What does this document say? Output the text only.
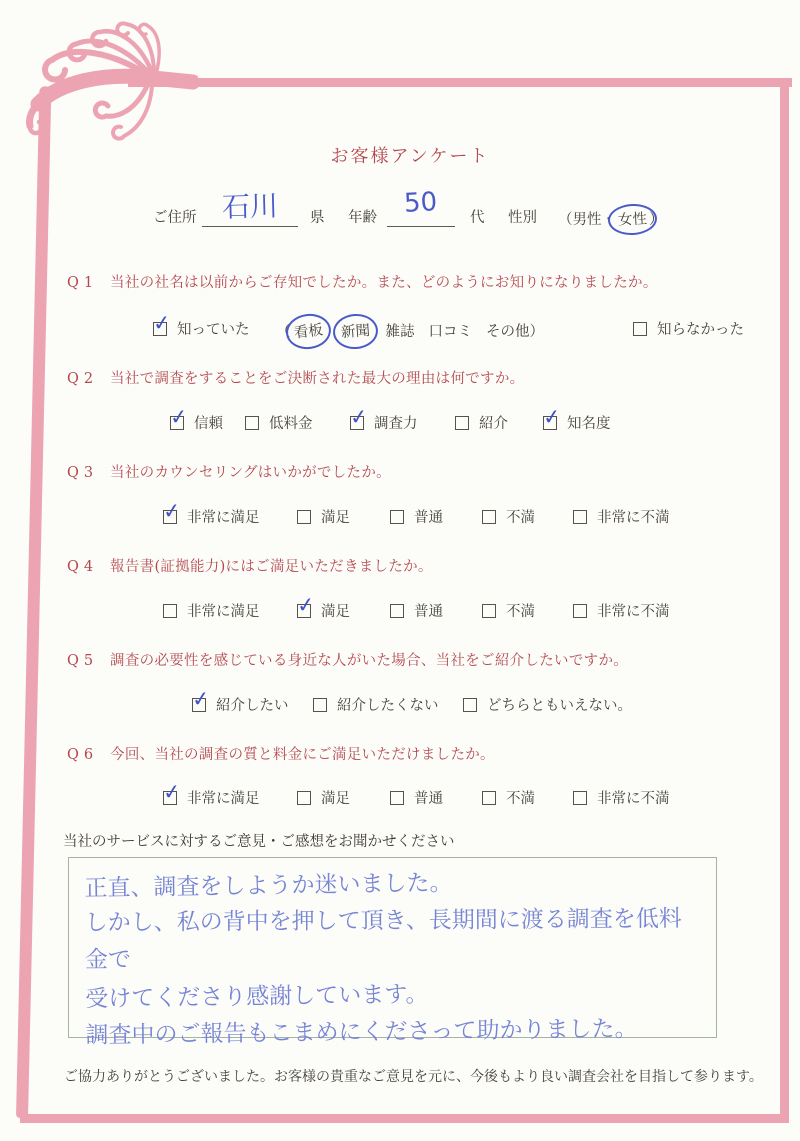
お客様アンケート
ご住所 石川 県 年齢 50 代 性別 （男性 ・ 女性 ）
Q1 当社の社名は以前からご存知でしたか。また、どのようにお知りになりましたか。
✓
知っていた （ 看板	新聞	雑誌 口コミ その他 ）	知らなかった
Q2 当社で調査をすることをご決断された最大の理由は何ですか。
✓
信頼	低料金 ✓	調査力	紹介 ✓	知名度
Q3 当社のカウンセリングはいかがでしたか。
✓
非常に満足	満足	普通	不満	非常に不満
Q4 報告書(証拠能力)にはご満足いただきましたか。
非常に満足 ✓	満足	普通	不満	非常に不満
Q5 調査の必要性を感じている身近な人がいた場合、当社をご紹介したいですか。
✓
紹介したい	紹介したくない	どちらともいえない。
Q6 今回、当社の調査の質と料金にご満足いただけましたか。
✓
非常に満足	満足	普通	不満	非常に不満
当社のサービスに対するご意見・ご感想をお聞かせください
正直、調査をしようか迷いました。
しかし、私の背中を押して頂き、長期間に渡る調査を低料金で
受けてくださり感謝しています。
調査中のご報告もこまめにくださって助かりました。
ご協力ありがとうございました。お客様の貴重なご意見を元に、今後もより良い調査会社を目指して参ります。
